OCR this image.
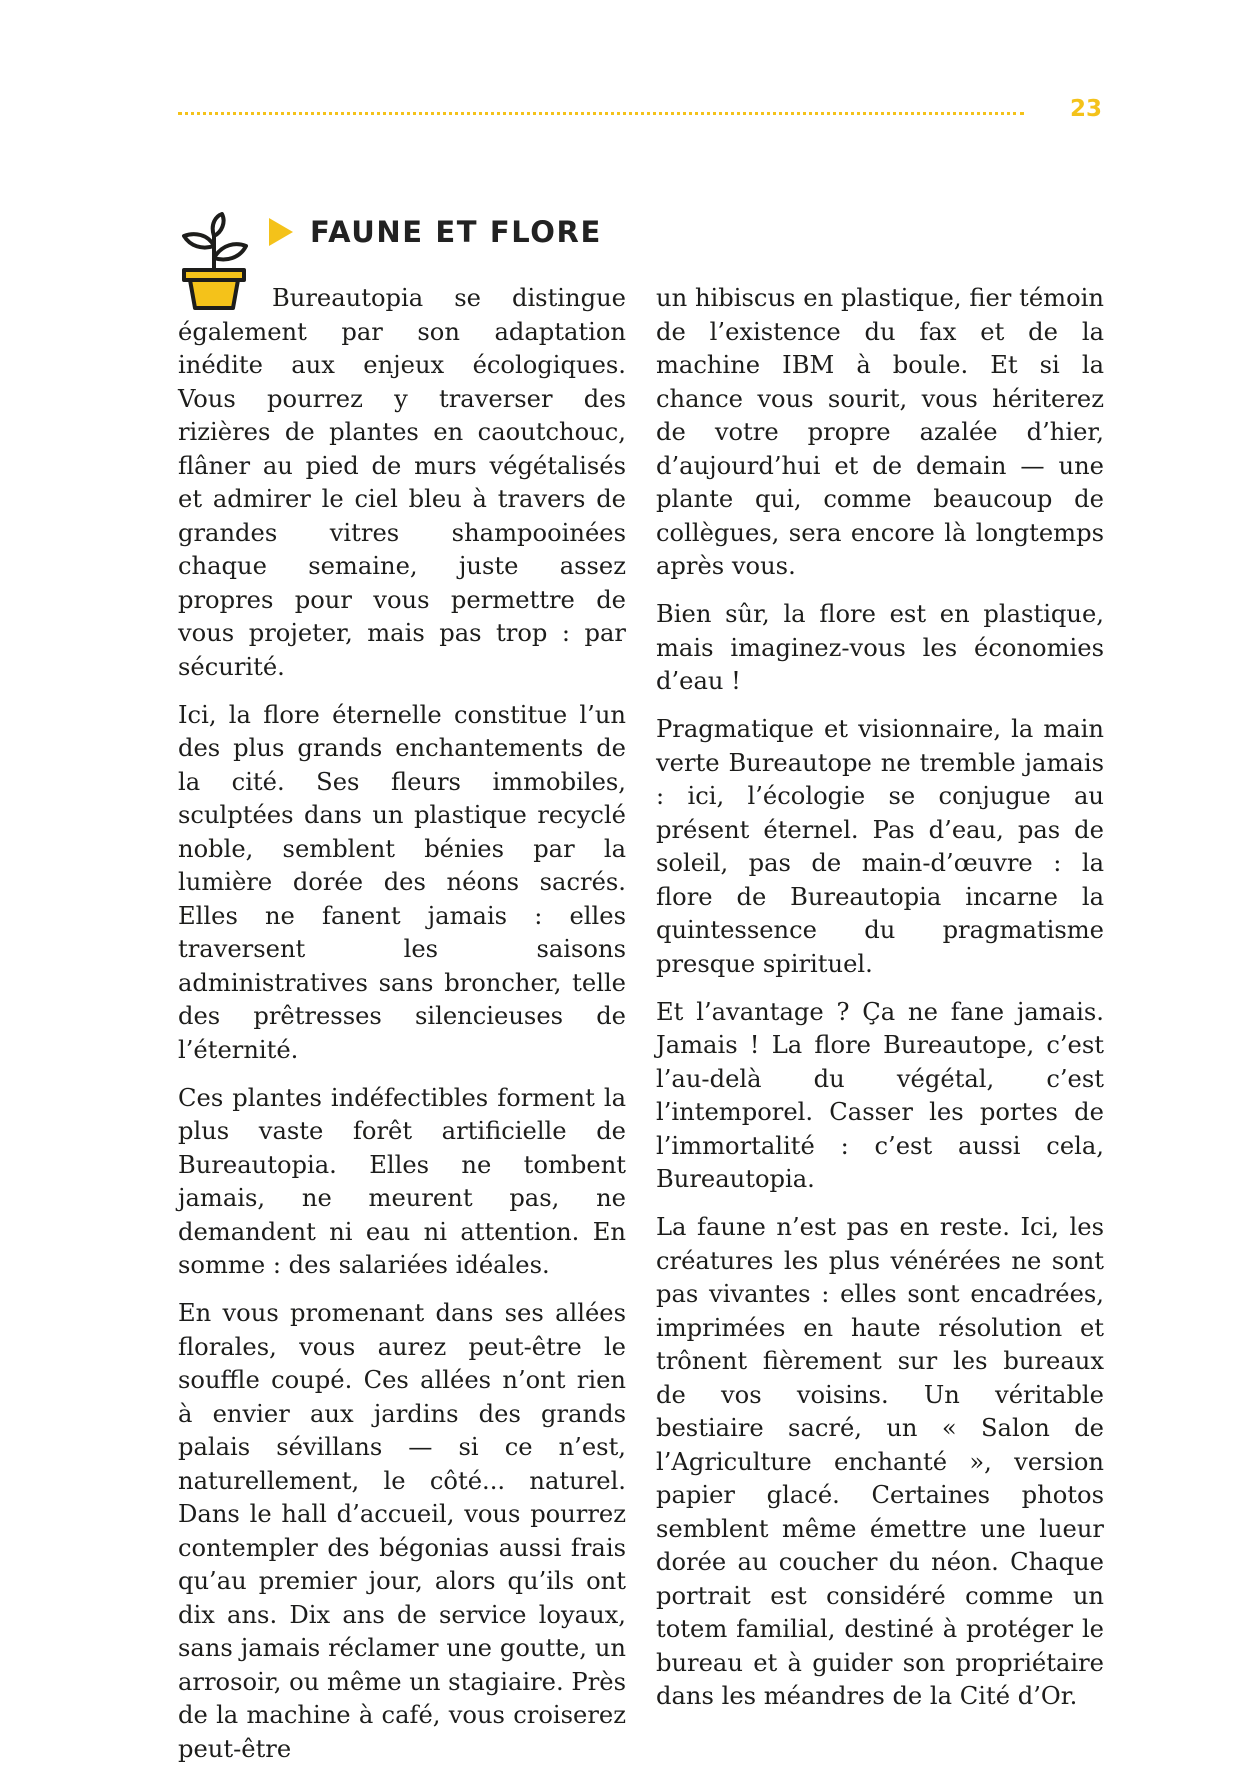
23
FAUNE ET FLORE

Bureautopia se distingue également par son adaptation inédite aux enjeux écologiques. Vous pourrez y traverser des rizières de plantes en caoutchouc, flâner au pied de murs végétalisés et admirer le ciel bleu à travers de grandes vitres shampooinées chaque semaine, juste assez propres pour vous permettre de vous projeter, mais pas trop : par sécurité.

Ici, la flore éternelle constitue l’un des plus grands enchantements de la cité. Ses fleurs immobiles, sculptées dans un plastique recyclé noble, semblent bénies par la lumière dorée des néons sacrés. Elles ne fanent jamais : elles traversent les saisons administratives sans broncher, telle des prêtresses silencieuses de l’éternité.

Ces plantes indéfectibles forment la plus vaste forêt artificielle de Bureautopia. Elles ne tombent jamais, ne meurent pas, ne demandent ni eau ni attention. En somme : des salariées idéales.

En vous promenant dans ses allées florales, vous aurez peut-être le souffle coupé. Ces allées n’ont rien à envier aux jardins des grands palais sévillans — si ce n’est, naturellement, le côté... naturel. Dans le hall d’accueil, vous pourrez contempler des bégonias aussi frais qu’au premier jour, alors qu’ils ont dix ans. Dix ans de service loyaux, sans jamais réclamer une goutte, un arrosoir, ou même un stagiaire. Près de la machine à café, vous croiserez peut-être

un hibiscus en plastique, fier témoin de l’existence du fax et de la machine IBM à boule. Et si la chance vous sourit, vous hériterez de votre propre azalée d’hier, d’aujourd’hui et de demain — une plante qui, comme beaucoup de collègues, sera encore là longtemps après vous.

Bien sûr, la flore est en plastique, mais imaginez-vous les économies d’eau !

Pragmatique et visionnaire, la main verte Bureautope ne tremble jamais : ici, l’écologie se conjugue au présent éternel. Pas d’eau, pas de soleil, pas de main-d’œuvre : la flore de Bureautopia incarne la quintessence du pragmatisme presque spirituel.

Et l’avantage ? Ça ne fane jamais. Jamais ! La flore Bureautope, c’est l’au-delà du végétal, c’est l’intemporel. Casser les portes de l’immortalité : c’est aussi cela, Bureautopia.

La faune n’est pas en reste. Ici, les créatures les plus vénérées ne sont pas vivantes : elles sont encadrées, imprimées en haute résolution et trônent fièrement sur les bureaux de vos voisins. Un véritable bestiaire sacré, un « Salon de l’Agriculture enchanté », version papier glacé. Certaines photos semblent même émettre une lueur dorée au coucher du néon. Chaque portrait est considéré comme un totem familial, destiné à protéger le bureau et à guider son propriétaire dans les méandres de la Cité d’Or.
